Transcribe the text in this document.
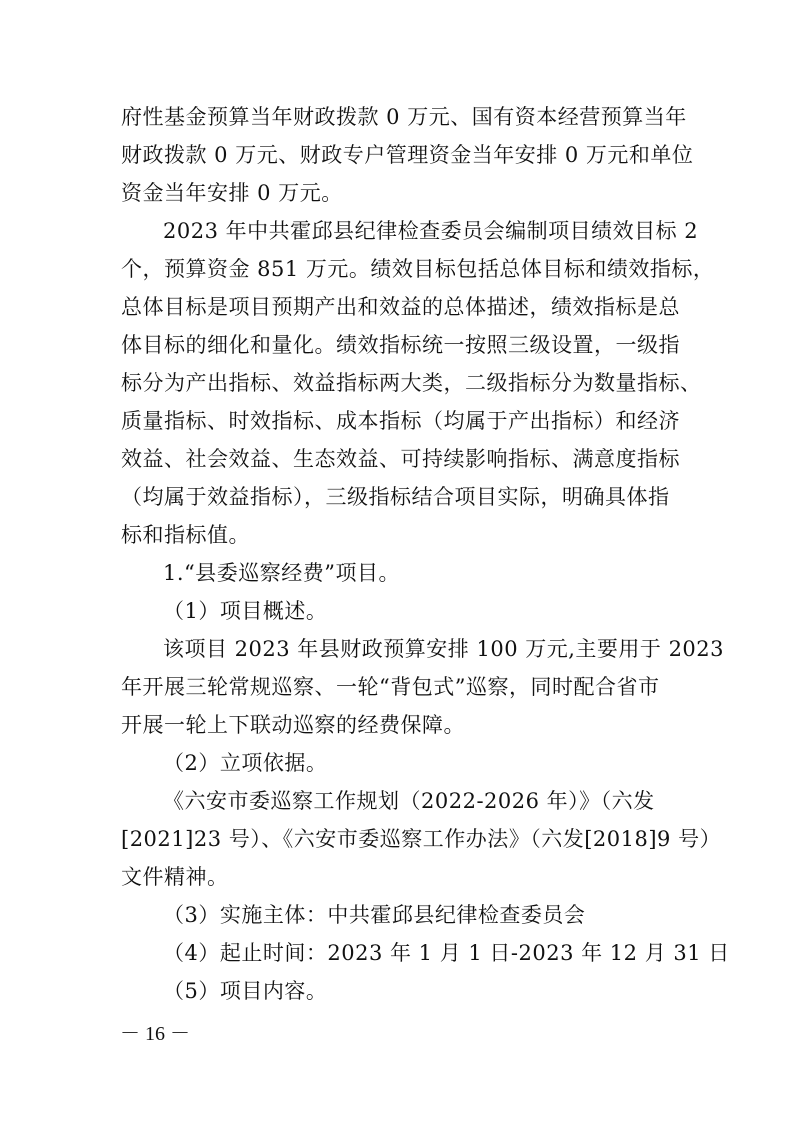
府性基金预算当年财政拨款 0 万元、国有资本经营预算当年
财政拨款 0 万元、财政专户管理资金当年安排 0 万元和单位
资金当年安排 0 万元。
2023 年中共霍邱县纪律检查委员会编制项目绩效目标 2
个，预算资金 851 万元。绩效目标包括总体目标和绩效指标，
总体目标是项目预期产出和效益的总体描述，绩效指标是总
体目标的细化和量化。绩效指标统一按照三级设置，一级指
标分为产出指标、效益指标两大类，二级指标分为数量指标、
质量指标、时效指标、成本指标（均属于产出指标）和经济
效益、社会效益、生态效益、可持续影响指标、满意度指标
（均属于效益指标），三级指标结合项目实际，明确具体指
标和指标值。
1.“县委巡察经费”项目。
（1）项目概述。
该项目 2023 年县财政预算安排 100 万元,主要用于 2023
年开展三轮常规巡察、一轮“背包式”巡察，同时配合省市
开展一轮上下联动巡察的经费保障。
（2）立项依据。
《六安市委巡察工作规划（2022-2026 年）》（六发
[2021]23 号）、《六安市委巡察工作办法》（六发[2018]9 号）
文件精神。
（3）实施主体：中共霍邱县纪律检查委员会
（4）起止时间：2023 年 1 月 1 日-2023 年 12 月 31 日
（5）项目内容。
－ 16 －
